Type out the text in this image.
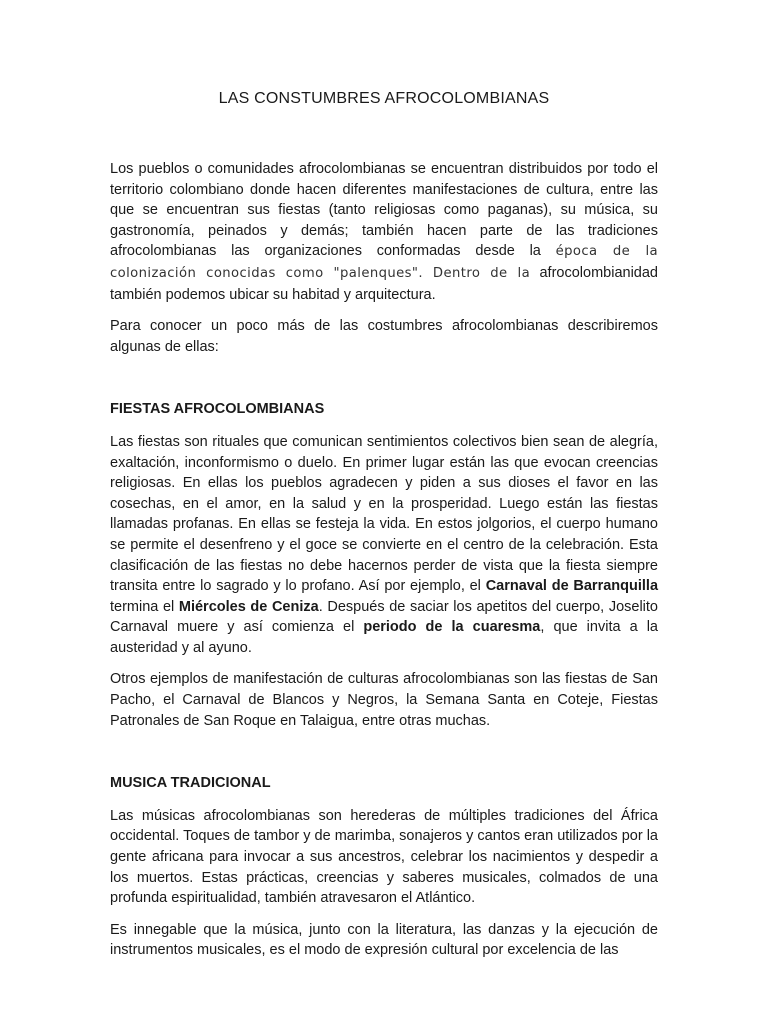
LAS CONSTUMBRES AFROCOLOMBIANAS

Los pueblos o comunidades afrocolombianas se encuentran distribuidos por todo el territorio colombiano donde hacen diferentes manifestaciones de cultura, entre las que se encuentran sus fiestas (tanto religiosas como paganas), su música, su gastronomía, peinados y demás; también hacen parte de las tradiciones afrocolombianas las organizaciones conformadas desde la época de la colonización conocidas como "palenques". Dentro de la afrocolombianidad también podemos ubicar su habitad y arquitectura.

Para conocer un poco más de las costumbres afrocolombianas describiremos algunas de ellas:

FIESTAS AFROCOLOMBIANAS

Las fiestas son rituales que comunican sentimientos colectivos bien sean de alegría, exaltación, inconformismo o duelo. En primer lugar están las que evocan creencias religiosas. En ellas los pueblos agradecen y piden a sus dioses el favor en las cosechas, en el amor, en la salud y en la prosperidad. Luego están las fiestas llamadas profanas. En ellas se festeja la vida. En estos jolgorios, el cuerpo humano se permite el desenfreno y el goce se convierte en el centro de la celebración. Esta clasificación de las fiestas no debe hacernos perder de vista que la fiesta siempre transita entre lo sagrado y lo profano. Así por ejemplo, el Carnaval de Barranquilla termina el Miércoles de Ceniza. Después de saciar los apetitos del cuerpo, Joselito Carnaval muere y así comienza el periodo de la cuaresma, que invita a la austeridad y al ayuno.

Otros ejemplos de manifestación de culturas afrocolombianas son las fiestas de San Pacho, el Carnaval de Blancos y Negros, la Semana Santa en Coteje, Fiestas Patronales de San Roque en Talaigua, entre otras muchas.

MUSICA TRADICIONAL

Las músicas afrocolombianas son herederas de múltiples tradiciones del África occidental. Toques de tambor y de marimba, sonajeros y cantos eran utilizados por la gente africana para invocar a sus ancestros, celebrar los nacimientos y despedir a los muertos. Estas prácticas, creencias y saberes musicales, colmados de una profunda espiritualidad, también atravesaron el Atlántico.

Es innegable que la música, junto con la literatura, las danzas y la ejecución de instrumentos musicales, es el modo de expresión cultural por excelencia de las
